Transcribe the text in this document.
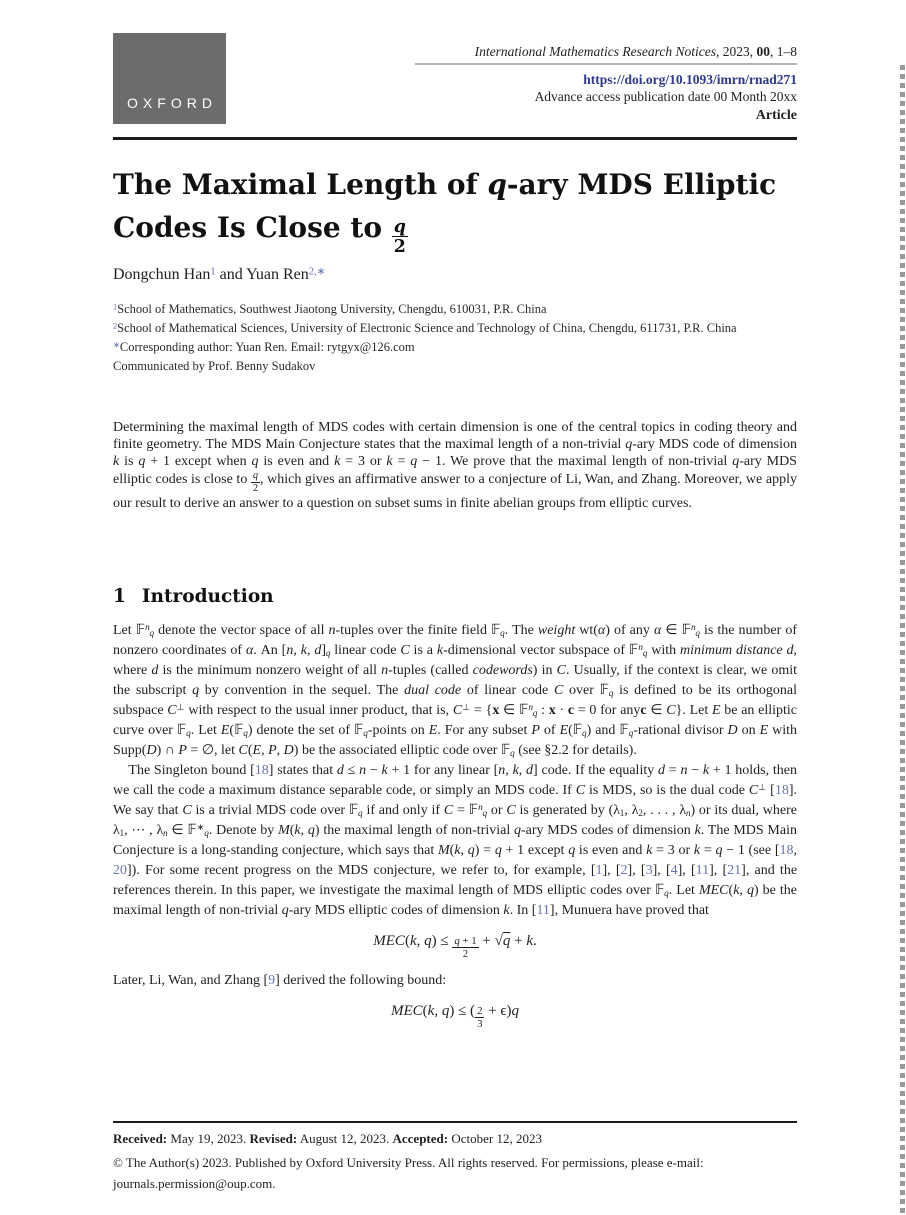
OXFORD
International Mathematics Research Notices, 2023, 00, 1–8
https://doi.org/10.1093/imrn/rnad271
Advance access publication date 00 Month 20xx
Article
The Maximal Length of q-ary MDS Elliptic Codes Is Close to $\frac{q}{2}$
Dongchun Han$^1$ and Yuan Ren$^{2,∗}$
$^1$School of Mathematics, Southwest Jiaotong University, Chengdu, 610031, P.R. China
$^2$School of Mathematical Sciences, University of Electronic Science and Technology of China, Chengdu, 611731, P.R. China
∗Corresponding author: Yuan Ren. Email: rytgyx@126.com
Communicated by Prof. Benny Sudakov

Determining the maximal length of MDS codes with certain dimension is one of the central topics in coding theory and finite geometry. The MDS Main Conjecture states that the maximal length of a non-trivial q-ary MDS code of dimension k is q + 1 except when q is even and k = 3 or k = q − 1. We prove that the maximal length of non-trivial q-ary MDS elliptic codes is close to $\frac{q}{2}$ , which gives an affirmative answer to a conjecture of Li, Wan, and Zhang. Moreover, we apply our result to derive an answer to a question on subset sums in finite abelian groups from elliptic curves.

1 Introduction

Let 𝔽$^n_q$ denote the vector space of all n-tuples over the finite field 𝔽$_q$. The weight wt(α) of any α ∈ 𝔽$^n_q$ is the number of nonzero coordinates of α. An [n, k, $d]_q$ linear code C is a k-dimensional vector subspace of 𝔽$^n_q$ with minimum distance d, where d is the minimum nonzero weight of all n-tuples (called codewords) in C. Usually, if the context is clear, we omit the subscript q by convention in the sequel. The dual code of linear code C over 𝔽$_q$ is defined to be its orthogonal subspace C⊥ with respect to the usual inner product, that is, C⊥ = {x ∈ 𝔽$^n_q$ : x · c = 0 for anyc ∈ C}. Let E be an elliptic curve over 𝔽$_q$. Let E(𝔽$_q$) denote the set of 𝔽$_q$-points on E. For any subset P of E(𝔽$_q$) and 𝔽$_q$-rational divisor D on E with Supp(D) ∩ P = ∅, let C(E, P, D) be the associated elliptic code over 𝔽$_q$ (see §2.2 for details).

The Singleton bound [18] states that d ≤ n − k + 1 for any linear [n, k, d] code. If the equality d = n − k + 1 holds, then we call the code a maximum distance separable code, or simply an MDS code. If C is MDS, so is the dual code C⊥ [18]. We say that C is a trivial MDS code over 𝔽$_q$ if and only if C = 𝔽$^n_q$ or C is generated by ($\lambda_1$, $\lambda_2$, . . . , $\lambda_n$) or its dual, where $\lambda_1$, ⋯ , $\lambda_n$ ∈ 𝔽∗$_q$. Denote by M(k, q) the maximal length of non-trivial q-ary MDS codes of dimension k. The MDS Main Conjecture is a long-standing conjecture, which says that M(k, q) = q + 1 except q is even and k = 3 or k = q − 1 (see [18, 20]). For some recent progress on the MDS conjecture, we refer to, for example, [1], [2], [3], [4], [11], [21], and the references therein. In this paper, we investigate the maximal length of MDS elliptic codes over 𝔽$_q$. Let MEC(k, q) be the maximal length of non-trivial q-ary MDS elliptic codes of dimension k. In [11], Munuera have proved that

MEC(k, $q) \le \frac{q + 1}{2} + √q + k$.

Later, Li, Wan, and Zhang [9] derived the following bound:

MEC(k, q) ≤ ( $\frac{2}{3} + \epsilon)q$
Received: May 19, 2023. Revised: August 12, 2023. Accepted: October 12, 2023
© The Author(s) 2023. Published by Oxford University Press. All rights reserved. For permissions, please e-mail: journals.permission@oup.com.
